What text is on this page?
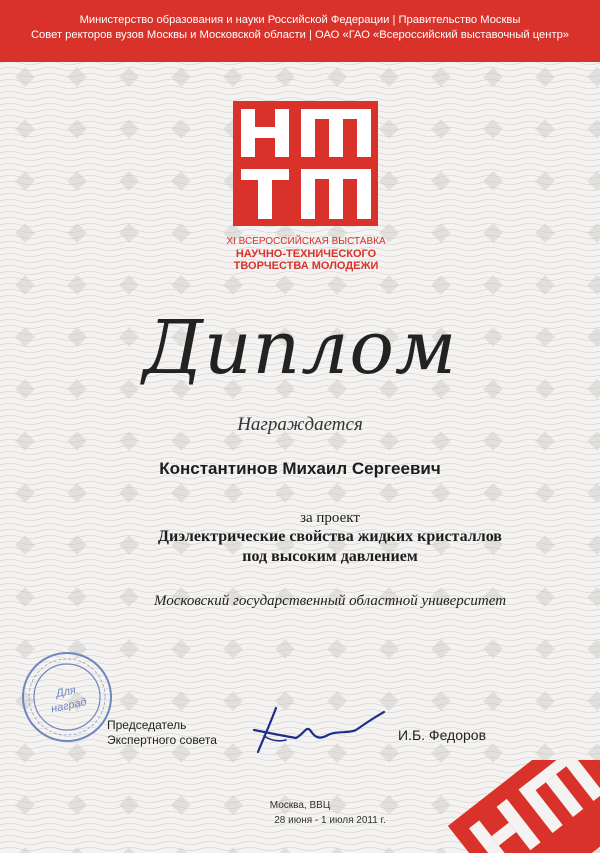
Министерство образования и науки Российской Федерации | Правительство Москвы
Совет ректоров вузов Москвы и Московской области | ОАО «ГАО «Всероссийский выставочный центр»
XI ВСЕРОССИЙСКАЯ ВЫСТАВКА
НАУЧНО-ТЕХНИЧЕСКОГО
ТВОРЧЕСТВА МОЛОДЕЖИ
Диплом
Награждается
Константинов Михаил Сергеевич
за проект
Диэлектрические свойства жидких кристаллов
под высоким давлением
Московский государственный областной университет
Для
наград
Председатель
Экспертного совета	И.Б. Федоров
Москва, ВВЦ
28 июня - 1 июля 2011 г.
